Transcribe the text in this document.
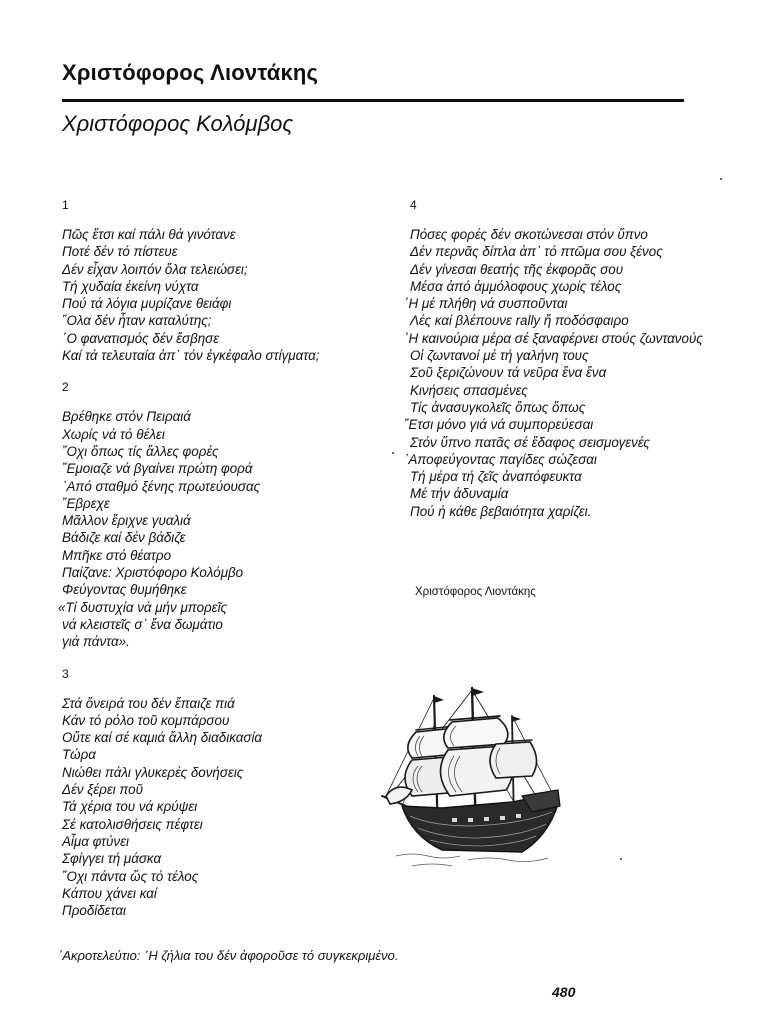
Χριστόφορος Λιοντάκης
Χριστόφορος Κολόμβος
1
Πῶς ἔτσι καί πάλι θά γινότανε
Ποτέ δέν τό πίστευε
Δέν εἶχαν λοιπόν ὅλα τελειώσει;
Τή χυδαία ἐκείνη νύχτα
Πού τά λόγια μυρίζανε θειάφι
῞Ολα δέν ἦταν καταλύτης;
῾Ο φανατισμός δέν ἔσβησε
Καί τά τελευταία ἀπ᾿ τόν ἐγκέφαλο στίγματα;
2
Βρέθηκε στόν Πειραιά
Χωρίς νά τό θέλει
῎Οχι ὅπως τίς ἄλλες φορές
῎Εμοιαζε νά βγαίνει πρώτη φορά
᾿Από σταθμό ξένης πρωτεύουσας
῎Εβρεχε
Μᾶλλον ἔριχνε γυαλιά
Βάδιζε καί δέν βάδιζε
Μπῆκε στό θέατρο
Παίζανε: Χριστόφορο Κολόμβο
Φεύγοντας θυμήθηκε
«Τί δυστυχία νά μήν μπορεῖς
νά κλειστεῖς σ᾿ ἕνα δωμάτιο
γιά πάντα».
3
Στά ὄνειρά του δέν ἔπαιζε πιά
Κάν τό ρόλο τοῦ κομπάρσου
Οὔτε καί σέ καμιά ἄλλη διαδικασία
Τώρα
Νιώθει πάλι γλυκερές δονήσεις
Δέν ξέρει ποῦ
Τά χέρια του νά κρύψει
Σέ κατολισθήσεις πέφτει
Αἷμα φτύνει
Σφίγγει τή μάσκα
῎Οχι πάντα ὥς τό τέλος
Κάπου χάνει καί
Προδίδεται
4
Πόσες φορές δέν σκοτώνεσαι στόν ὕπνο
Δέν περνᾶς δίπλα ἀπ᾿ τό πτῶμα σου ξένος
Δέν γίνεσαι θεατής τῆς ἐκφορᾶς σου
Μέσα ἀπό ἀμμόλοφους χωρίς τέλος
῾Η μέ πλήθη νά συσποῦνται
Λές καί βλέπουνε rally ἤ ποδόσφαιρο
῾Η καινούρια μέρα σέ ξαναφέρνει στούς ζωντανούς
Οἱ ζωντανοί μέ τή γαλήνη τους
Σοῦ ξεριζώνουν τά νεῦρα ἕνα ἕνα
Κινήσεις σπασμένες
Τίς ἀνασυγκολεῖς ὅπως ὅπως
῎Ετσι μόνο γιά νά συμπορεύεσαι
Στόν ὕπνο πατᾶς σέ ἔδαφος σεισμογενές
᾿Αποφεύγοντας παγίδες σώζεσαι
Τή μέρα τή ζεῖς ἀναπόφευκτα
Μέ τήν ἀδυναμία
Πού ἡ κάθε βεβαιότητα χαρίζει.
Χριστόφορος Λιοντάκης
᾿Ακροτελεύτιο: ῾Η ζήλια του δέν ἀφοροῦσε τό συγκεκριμένο.
480
